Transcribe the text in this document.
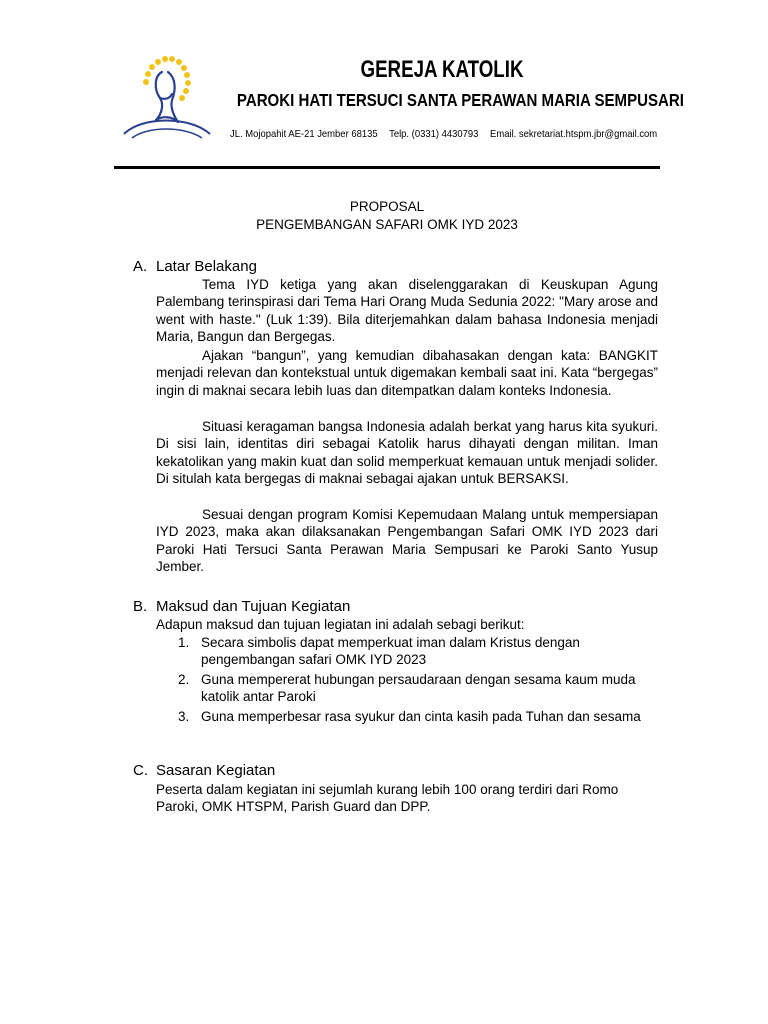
GEREJA KATOLIK
PAROKI HATI TERSUCI SANTA PERAWAN MARIA SEMPUSARI
JL. Mojopahit AE-21 Jember 68135 Telp. (0331) 4430793 Email. sekretariat.htspm.jbr@gmail.com
PROPOSAL
PENGEMBANGAN SAFARI OMK IYD 2023
A. Latar Belakang

Tema IYD ketiga yang akan diselenggarakan di Keuskupan Agung Palembang terinspirasi dari Tema Hari Orang Muda Sedunia 2022: "Mary arose and went with haste." (Luk 1:39). Bila diterjemahkan dalam bahasa Indonesia menjadi Maria, Bangun dan Bergegas.

Ajakan “bangun”, yang kemudian dibahasakan dengan kata: BANGKIT menjadi relevan dan kontekstual untuk digemakan kembali saat ini. Kata “bergegas” ingin di maknai secara lebih luas dan ditempatkan dalam konteks Indonesia.

Situasi keragaman bangsa Indonesia adalah berkat yang harus kita syukuri. Di sisi lain, identitas diri sebagai Katolik harus dihayati dengan militan. Iman kekatolikan yang makin kuat dan solid memperkuat kemauan untuk menjadi solider. Di situlah kata bergegas di maknai sebagai ajakan untuk BERSAKSI.

Sesuai dengan program Komisi Kepemudaan Malang untuk mempersiapan IYD 2023, maka akan dilaksanakan Pengembangan Safari OMK IYD 2023 dari Paroki Hati Tersuci Santa Perawan Maria Sempusari ke Paroki Santo Yusup Jember.

B. Maksud dan Tujuan Kegiatan

Adapun maksud dan tujuan legiatan ini adalah sebagi berikut:

1. Secara simbolis dapat memperkuat iman dalam Kristus dengan pengembangan safari OMK IYD 2023
2. Guna mempererat hubungan persaudaraan dengan sesama kaum muda katolik antar Paroki
3. Guna memperbesar rasa syukur dan cinta kasih pada Tuhan dan sesama
C. Sasaran Kegiatan

Peserta dalam kegiatan ini sejumlah kurang lebih 100 orang terdiri dari Romo Paroki, OMK HTSPM, Parish Guard dan DPP.
